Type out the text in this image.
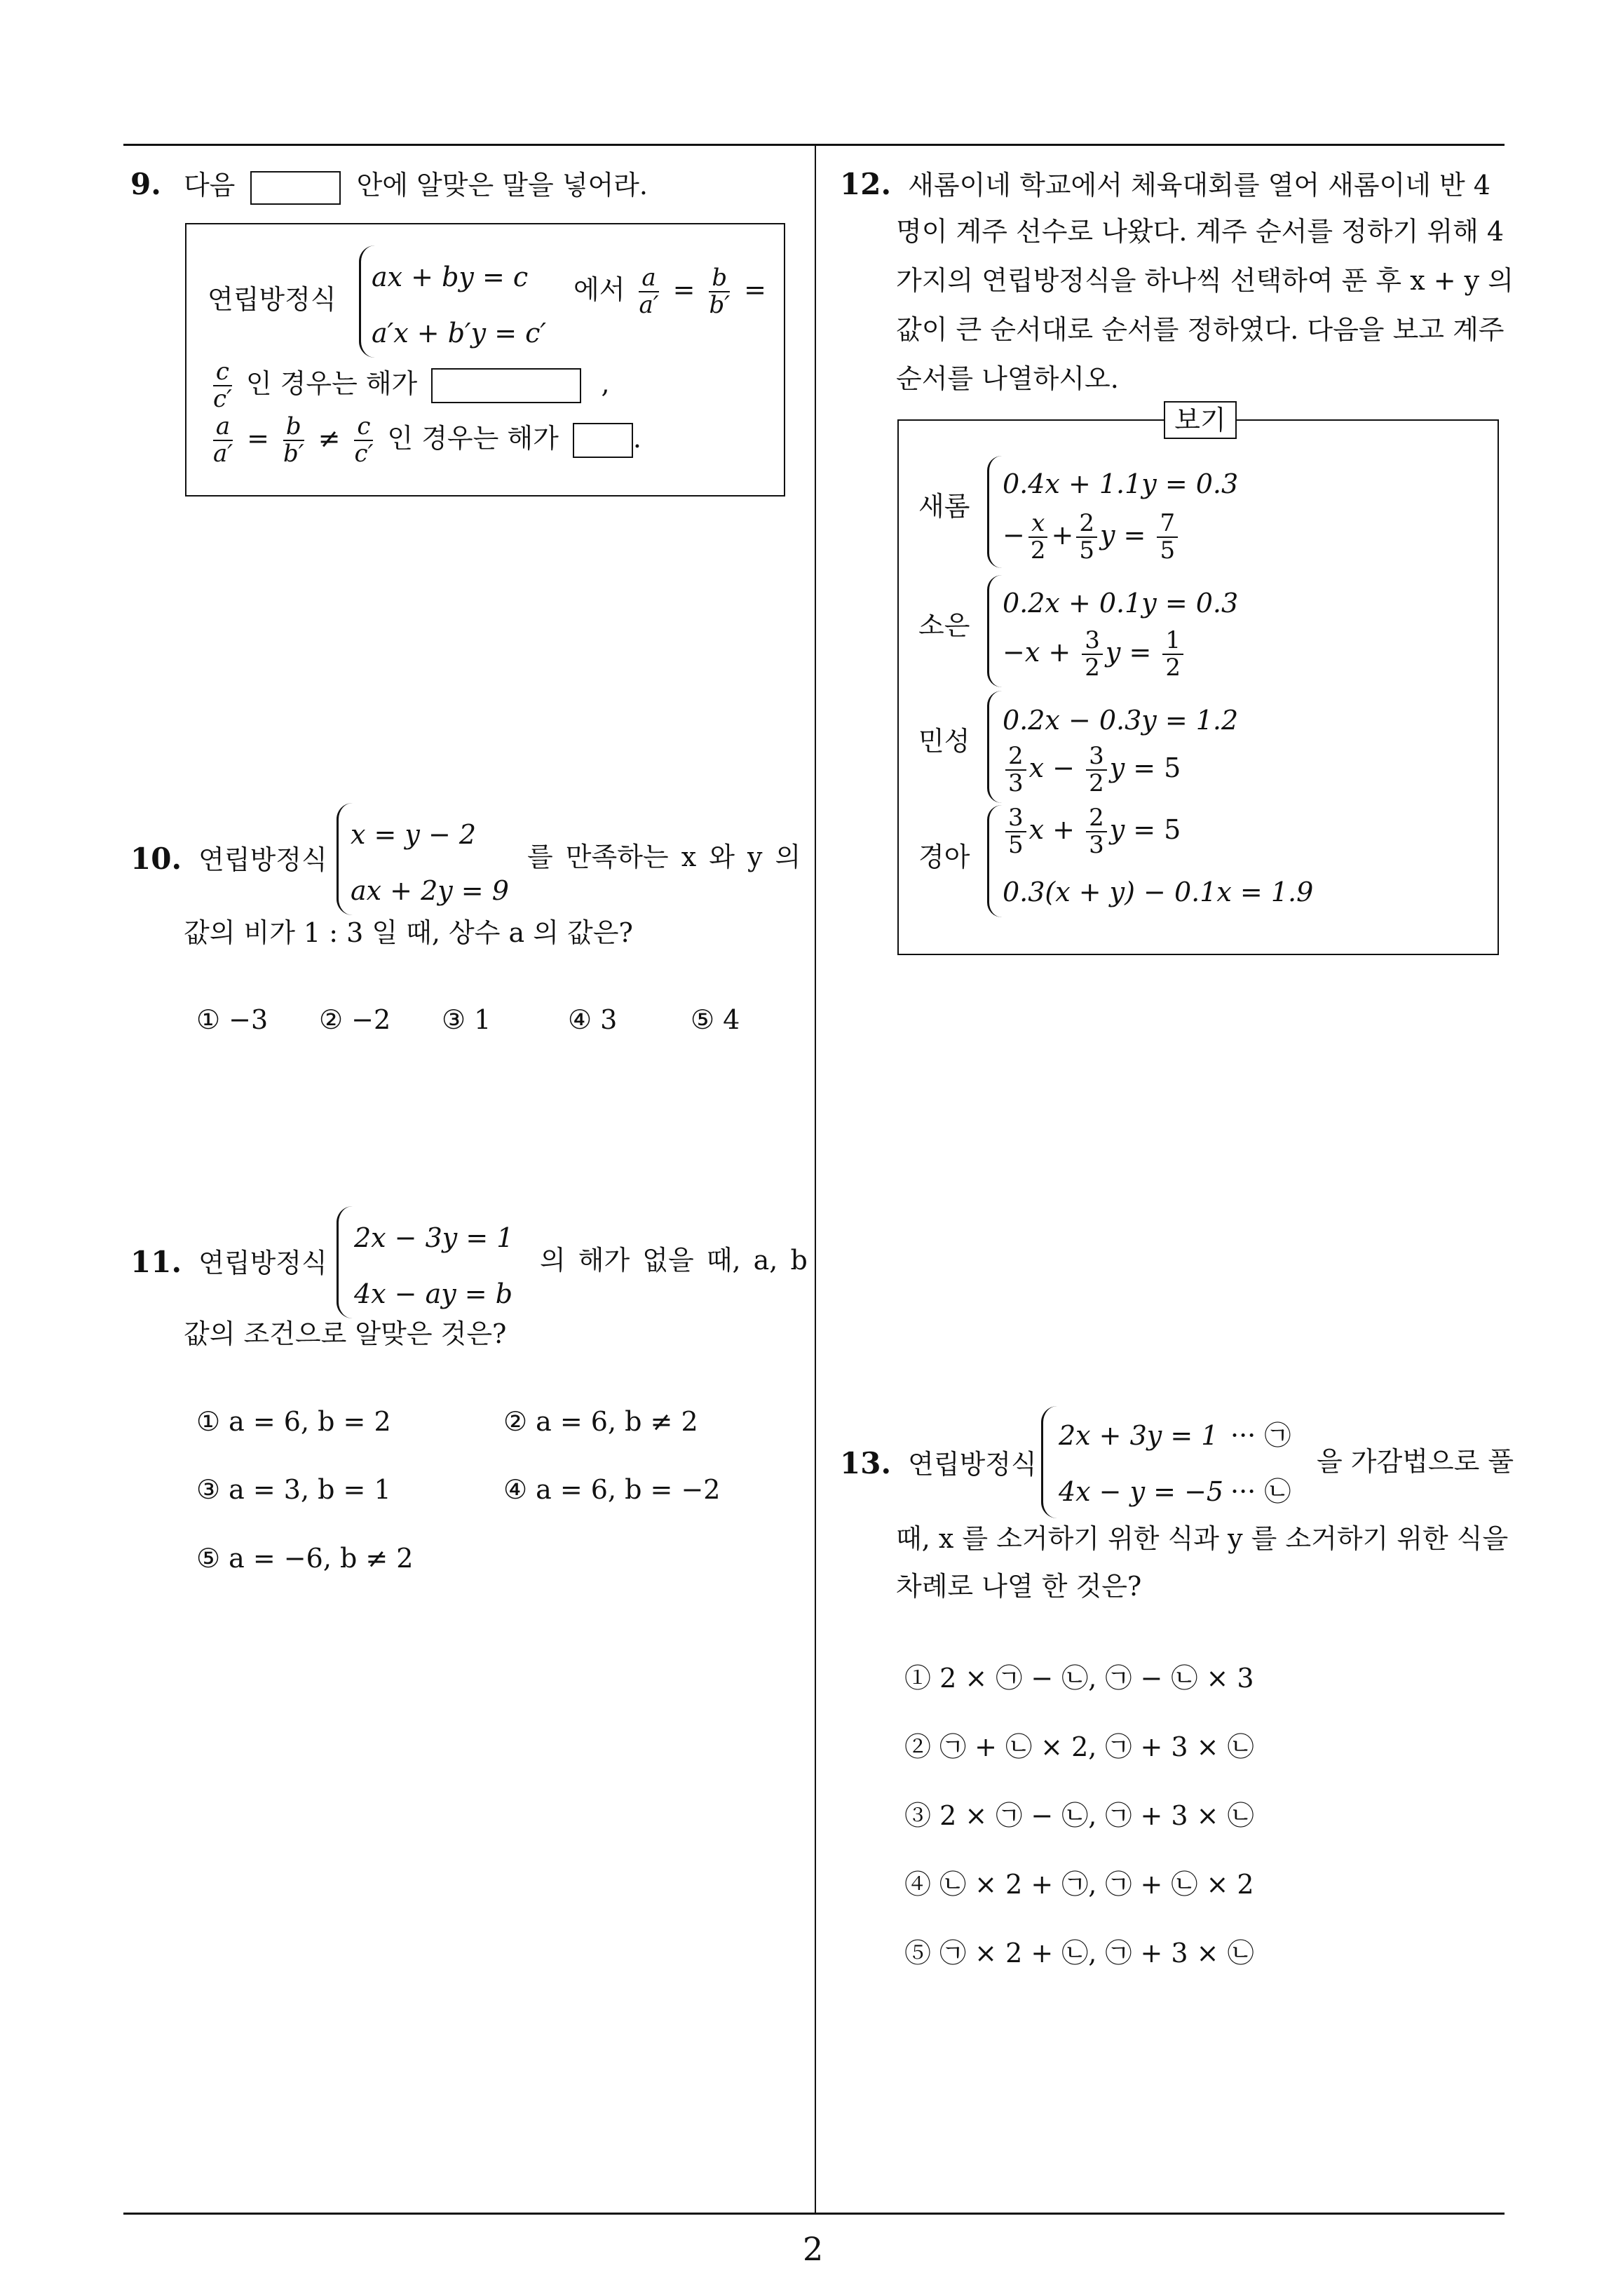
2
9. 다음	안에 알맞은 말을 넣어라.
연립방정식
ax + by = c
a′x + b′y = c′
에서 $\frac{a}{a'} = \frac{b}{b'}$ =
$\frac{c}{c'}$ 인 경우는 해가	,
$\frac{a}{a'} = \frac{b}{b'} \ne \frac{c}{c'}$ 인 경우는 해가	.
10. 연립방정식
x = y − 2
ax + 2y = 9
를 만족하는 x 와 y 의
값의 비가 1 : 3 일 때, 상수 a 의 값은?
① −3 ② −2 ③ 1	④ 3	⑤ 4
11. 연립방정식
2x − 3y = 1
4x − ay = b
의 해가 없을 때, a, b
값의 조건으로 알맞은 것은?
① a = 6, b = 2	② a = 6, b ≠ 2
③ a = 3, b = 1	④ a = 6, b = −2
⑤ a = −6, b ≠ 2
12. 새롬이네 학교에서 체육대회를 열어 새롬이네 반 4
명이 계주 선수로 나왔다. 계주 순서를 정하기 위해 4
가지의 연립방정식을 하나씩 선택하여 푼 후 x + y 의
값이 큰 순서대로 순서를 정하였다. 다음을 보고 계주
순서를 나열하시오.
보기
새롬
0.4x + 1.1y = 0.3
− $\frac{x}{2} + \frac{2}{5}$ $y = \frac{7}{5}$
소은
0.2x + 0.1y = 0.3
$-x + \frac{3}{2}$ $y = \frac{1}{2}$
민성
0.2x − 0.3y = 1.2
$\frac{2}{3}$ $x - \frac{3}{2}$ y = 5
경아 $\frac{3}{5}$ $x + \frac{2}{3}$ y = 5
0.3(x + y) − 0.1x = 1.9
13. 연립방정식
2x + 3y = 1
4x − y = −5
··· ㉠
··· ㉡
을 가감법으로 풀
때, x 를 소거하기 위한 식과 y 를 소거하기 위한 식을
차례로 나열 한 것은?
① 2 × ㉠ − ㉡, ㉠ − ㉡ × 3
② ㉠ + ㉡ × 2, ㉠ + 3 × ㉡
③ 2 × ㉠ − ㉡, ㉠ + 3 × ㉡
④ ㉡ × 2 + ㉠, ㉠ + ㉡ × 2
⑤ ㉠ × 2 + ㉡, ㉠ + 3 × ㉡
